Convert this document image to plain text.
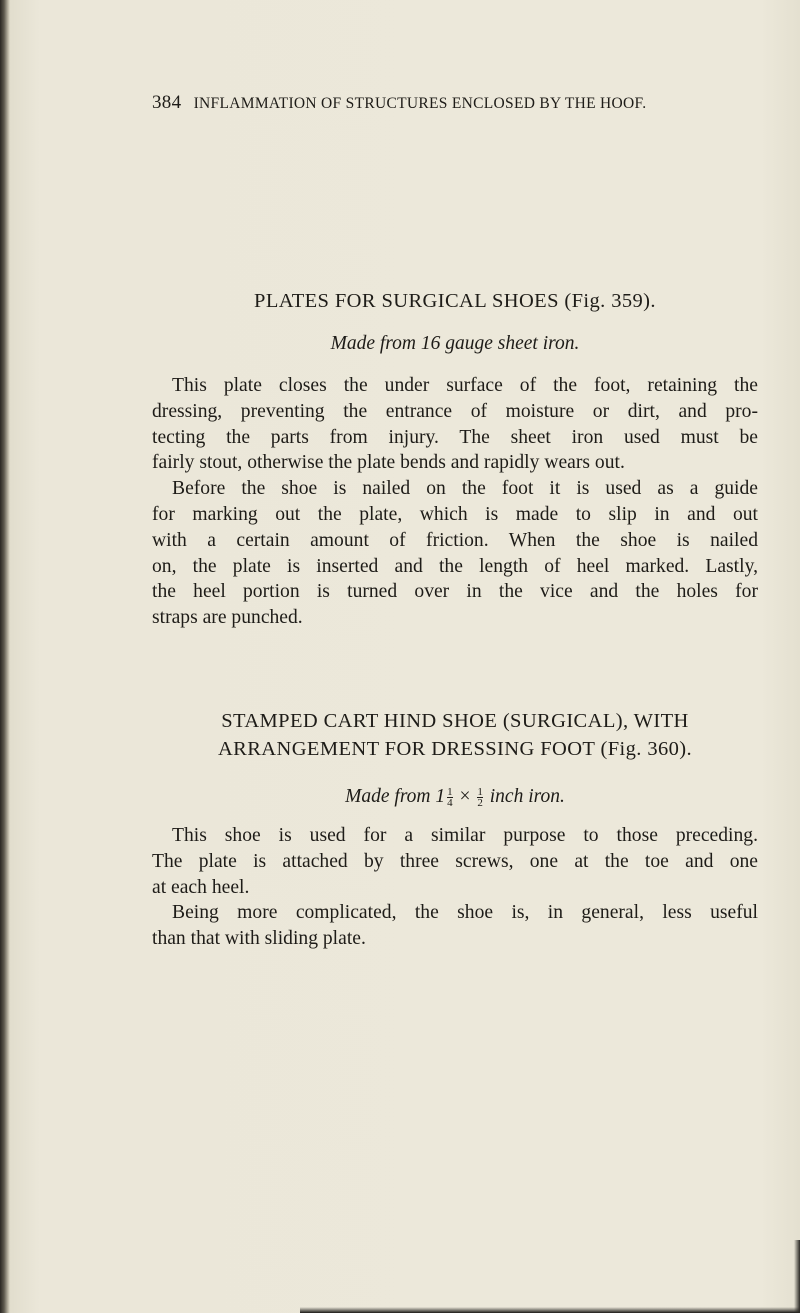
384 INFLAMMATION OF STRUCTURES ENCLOSED BY THE HOOF.
PLATES FOR SURGICAL SHOES (Fig. 359).
Made from 16 gauge sheet iron.
This plate closes the under surface of the foot, retaining the
dressing, preventing the entrance of moisture or dirt, and pro-
tecting the parts from injury. The sheet iron used must be
fairly stout, otherwise the plate bends and rapidly wears out.
Before the shoe is nailed on the foot it is used as a guide
for marking out the plate, which is made to slip in and out
with a certain amount of friction. When the shoe is nailed
on, the plate is inserted and the length of heel marked. Lastly,
the heel portion is turned over in the vice and the holes for
straps are punched.
STAMPED CART HIND SHOE (SURGICAL), WITH
ARRANGEMENT FOR DRESSING FOOT (Fig. 360).
Made from $1 \frac{1}{4} \times \frac{1}{2}$ inch iron.
This shoe is used for a similar purpose to those preceding.
The plate is attached by three screws, one at the toe and one
at each heel.
Being more complicated, the shoe is, in general, less useful
than that with sliding plate.
